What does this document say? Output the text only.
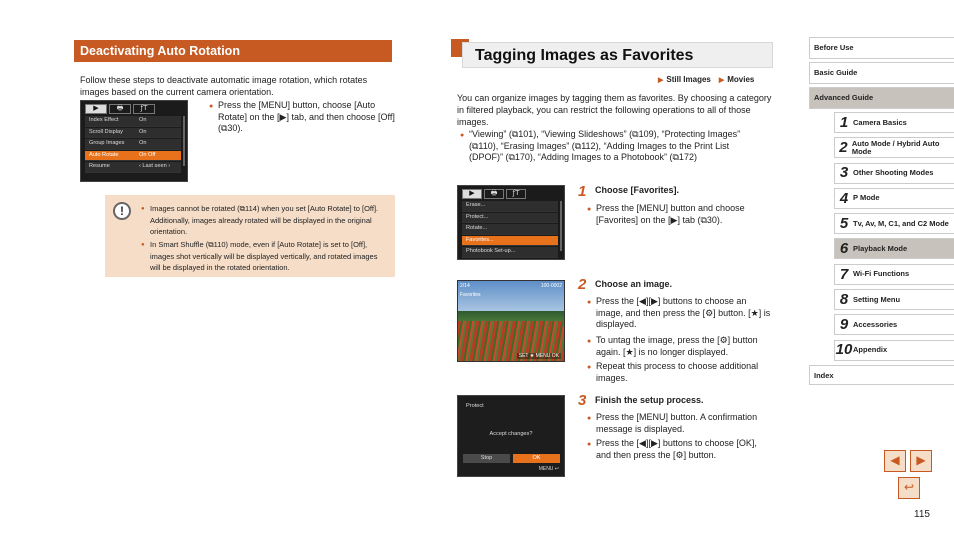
Deactivating Auto Rotation
Follow these steps to deactivate automatic image rotation, which rotates images based on the current camera orientation.
▶	🖶	ƒT
Index Effect	On
Scroll Display	On
Group Images	On
Auto Rotate	On Off
Resume	‹ Last seen ›
● Press the [MENU] button, choose [Auto Rotate] on the [▶] tab, and then choose [Off] (⧉30).
!
●	Images cannot be rotated (⧉114) when you set [Auto Rotate] to [Off]. Additionally, images already rotated will be displayed in the original orientation.
● In Smart Shuffle (⧉110) mode, even if [Auto Rotate] is set to [Off], images shot vertically will be displayed vertically, and rotated images will be displayed in the rotated orientation.
Tagging Images as Favorites
▶ Still Images ▶ Movies
You can organize images by tagging them as favorites. By choosing a category in filtered playback, you can restrict the following operations to all of those images.
● “Viewing” (⧉101), “Viewing Slideshows” (⧉109), “Protecting Images” (⧉110), “Erasing Images” (⧉112), “Adding Images to the Print List (DPOF)” (⧉170), “Adding Images to a Photobook” (⧉172)
1 Choose [Favorites].
● Press the [MENU] button and choose [Favorites] on the [▶] tab (⧉30).
▶	🖶	ƒT
Erase...
Protect...
Rotate...
Favorites...
Photobook Set-up...
2 Choose an image.
● Press the [◀][▶] buttons to choose an image, and then press the [⚙] button. [★] is displayed.
● To untag the image, press the [⚙] button again. [★] is no longer displayed.
● Repeat this process to choose additional images.
2/14	100-0002
Favorites
SET ★ MENU OK
3 Finish the setup process.
● Press the [MENU] button. A confirmation message is displayed.
● Press the [◀][▶] buttons to choose [OK], and then press the [⚙] button.
Protect
Accept changes?
Stop	OK
MENU ↩
Before Use
Basic Guide
Advanced Guide
1 Camera Basics
2 Auto Mode / Hybrid Auto Mode
3 Other Shooting Modes
4 P Mode
5 Tv, Av, M, C1, and C2 Mode
6 Playback Mode
7 Wi-Fi Functions
8 Setting Menu
9 Accessories
10 Appendix
Index
◀	▶
↩
115
